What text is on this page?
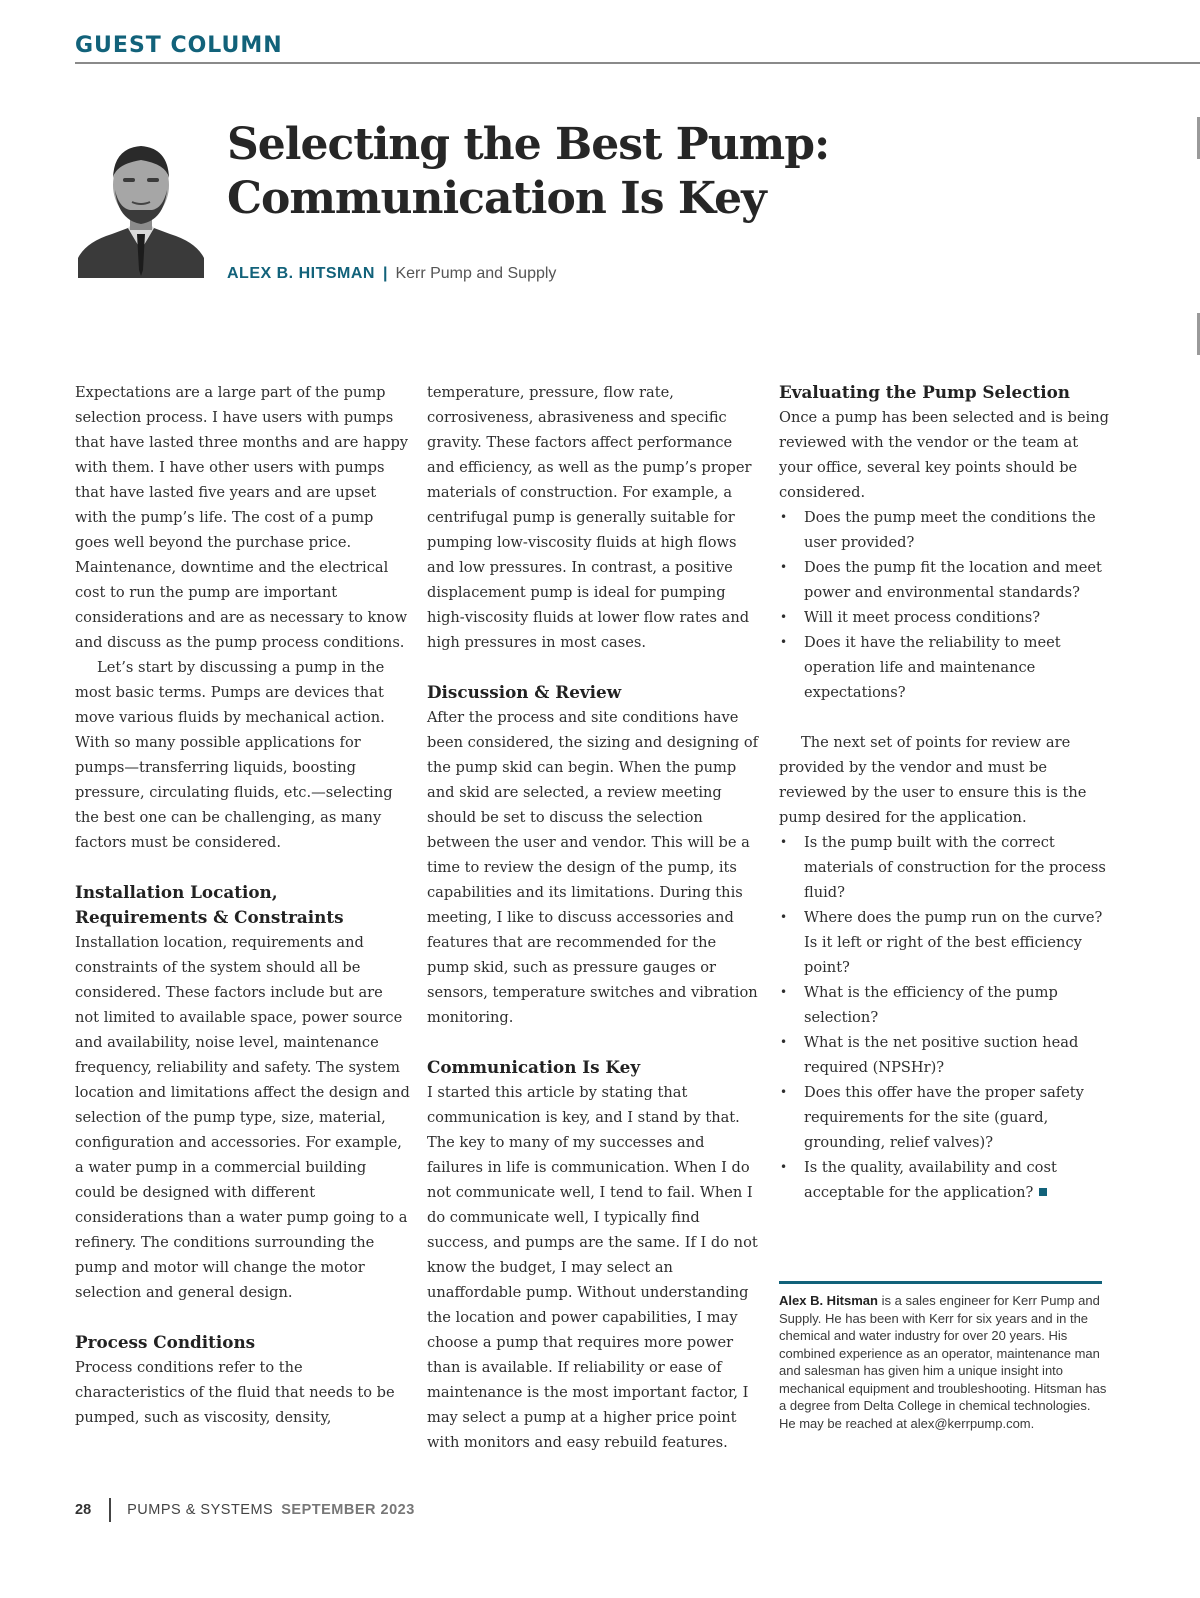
GUEST COLUMN
Selecting the Best Pump:
Communication Is Key
ALEX B. HITSMAN | Kerr Pump and Supply

Expectations are a large part of the pump selection process. I have users with pumps that have lasted three months and are happy with them. I have other users with pumps that have lasted five years and are upset with the pump’s life. The cost of a pump goes well beyond the purchase price. Maintenance, downtime and the electrical cost to run the pump are important considerations and are as necessary to know and discuss as the pump process conditions.

Let’s start by discussing a pump in the most basic terms. Pumps are devices that move various fluids by mechanical action. With so many possible applications for pumps—transferring liquids, boosting pressure, circulating fluids, etc.—selecting the best one can be challenging, as many factors must be considered.

Installation Location,
Requirements & Constraints

Installation location, requirements and constraints of the system should all be considered. These factors include but are not limited to available space, power source and availability, noise level, maintenance frequency, reliability and safety. The system location and limitations affect the design and selection of the pump type, size, material, configuration and accessories. For example, a water pump in a commercial building could be designed with different considerations than a water pump going to a refinery. The conditions surrounding the pump and motor will change the motor selection and general design.

Process Conditions

Process conditions refer to the characteristics of the fluid that needs to be pumped, such as viscosity, density,

temperature, pressure, flow rate, corrosiveness, abrasiveness and specific gravity. These factors affect performance and efficiency, as well as the pump’s proper materials of construction. For example, a centrifugal pump is generally suitable for pumping low-viscosity fluids at high flows and low pressures. In contrast, a positive displacement pump is ideal for pumping high-viscosity fluids at lower flow rates and high pressures in most cases.

Discussion & Review

After the process and site conditions have been considered, the sizing and designing of the pump skid can begin. When the pump and skid are selected, a review meeting should be set to discuss the selection between the user and vendor. This will be a time to review the design of the pump, its capabilities and its limitations. During this meeting, I like to discuss accessories and features that are recommended for the pump skid, such as pressure gauges or sensors, temperature switches and vibration monitoring.

Communication Is Key

I started this article by stating that communication is key, and I stand by that. The key to many of my successes and failures in life is communication. When I do not communicate well, I tend to fail. When I do communicate well, I typically find success, and pumps are the same. If I do not know the budget, I may select an unaffordable pump. Without understanding the location and power capabilities, I may choose a pump that requires more power than is available. If reliability or ease of maintenance is the most important factor, I may select a pump at a higher price point with monitors and easy rebuild features.

Evaluating the Pump Selection

Once a pump has been selected and is being reviewed with the vendor or the team at your office, several key points should be considered.

• Does the pump meet the conditions the user provided?
• Does the pump fit the location and meet power and environmental standards?
• Will it meet process conditions?
• Does it have the reliability to meet operation life and maintenance expectations?

The next set of points for review are provided by the vendor and must be reviewed by the user to ensure this is the pump desired for the application.

• Is the pump built with the correct materials of construction for the process fluid?
• Where does the pump run on the curve? Is it left or right of the best efficiency point?
• What is the efficiency of the pump selection?
• What is the net positive suction head required (NPSHr)?
• Does this offer have the proper safety requirements for the site (guard, grounding, relief valves)?
• Is the quality, availability and cost acceptable for the application?
Alex B. Hitsman is a sales engineer for Kerr Pump and Supply. He has been with Kerr for six years and in the chemical and water industry for over 20 years. His combined experience as an operator, maintenance man and salesman has given him a unique insight into mechanical equipment and troubleshooting. Hitsman has a degree from Delta College in chemical technologies. He may be reached at alex@kerrpump.com.
28 PUMPS & SYSTEMS SEPTEMBER 2023
